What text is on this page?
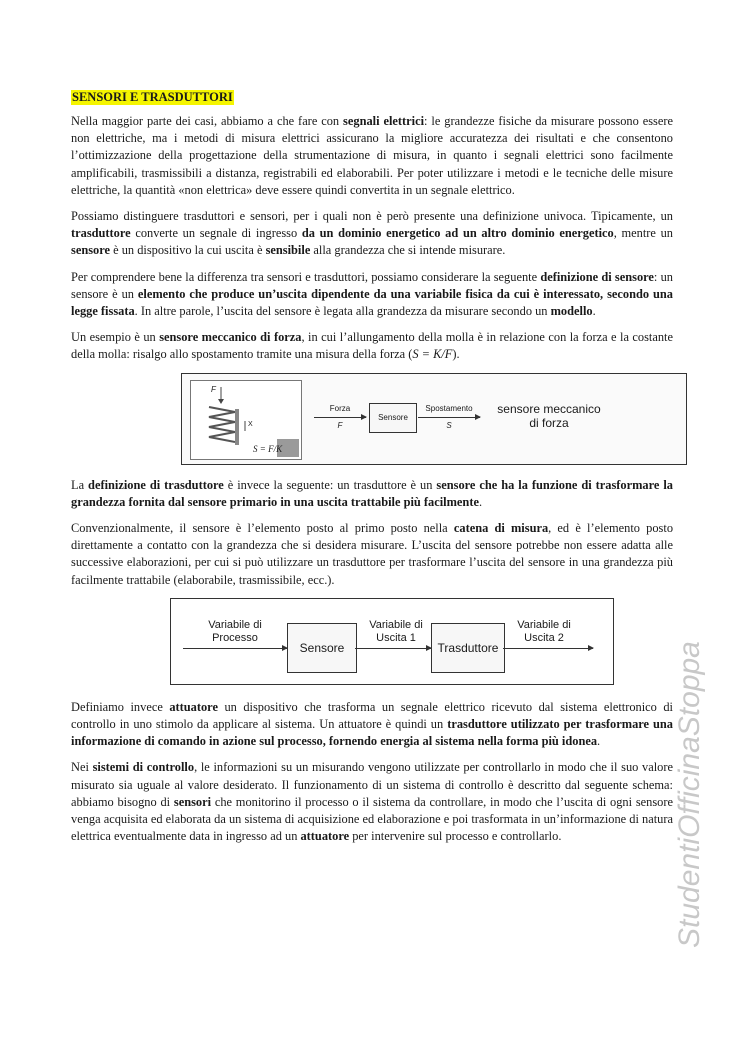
SENSORI E TRASDUTTORI

Nella maggior parte dei casi, abbiamo a che fare con segnali elettrici: le grandezze fisiche da misurare possono essere non elettriche, ma i metodi di misura elettrici assicurano la migliore accuratezza dei risultati e che consentono l’ottimizzazione della progettazione della strumentazione di misura, in quanto i segnali elettrici sono facilmente amplificabili, trasmissibili a distanza, registrabili ed elaborabili. Per poter utilizzare i metodi e le tecniche delle misure elettriche, la quantità «non elettrica» deve essere quindi convertita in un segnale elettrico.

Possiamo distinguere trasduttori e sensori, per i quali non è però presente una definizione univoca. Tipicamente, un trasduttore converte un segnale di ingresso da un dominio energetico ad un altro dominio energetico, mentre un sensore è un dispositivo la cui uscita è sensibile alla grandezza che si intende misurare.

Per comprendere bene la differenza tra sensori e trasduttori, possiamo considerare la seguente definizione di sensore: un sensore è un elemento che produce un’uscita dipendente da una variabile fisica da cui è interessato, secondo una legge fissata. In altre parole, l’uscita del sensore è legata alla grandezza da misurare secondo un modello.

Un esempio è un sensore meccanico di forza, in cui l’allungamento della molla è in relazione con la forza e la costante della molla: risalgo allo spostamento tramite una misura della forza (S = K/F).

F
X
S = F/K
Forza
F
Sensore
Spostamento
S
sensore meccanico di forza

La definizione di trasduttore è invece la seguente: un trasduttore è un sensore che ha la funzione di trasformare la grandezza fornita dal sensore primario in una uscita trattabile più facilmente.

Convenzionalmente, il sensore è l’elemento posto al primo posto nella catena di misura, ed è l’elemento posto direttamente a contatto con la grandezza che si desidera misurare. L’uscita del sensore potrebbe non essere adatta alle successive elaborazioni, per cui si può utilizzare un trasduttore per trasformare l’uscita del sensore in una grandezza più facilmente trattabile (elaborabile, trasmissibile, ecc.).

Variabile di Processo
Sensore
Variabile di Uscita 1
Trasduttore
Variabile di Uscita 2

Definiamo invece attuatore un dispositivo che trasforma un segnale elettrico ricevuto dal sistema elettronico di controllo in uno stimolo da applicare al sistema. Un attuatore è quindi un trasduttore utilizzato per trasformare una informazione di comando in azione sul processo, fornendo energia al sistema nella forma più idonea.

Nei sistemi di controllo, le informazioni su un misurando vengono utilizzate per controllarlo in modo che il suo valore misurato sia uguale al valore desiderato. Il funzionamento di un sistema di controllo è descritto dal seguente schema: abbiamo bisogno di sensori che monitorino il processo o il sistema da controllare, in modo che l’uscita di ogni sensore venga acquisita ed elaborata da un sistema di acquisizione ed elaborazione e poi trasformata in un’informazione di natura elettrica eventualmente data in ingresso ad un attuatore per intervenire sul processo e controllarlo.	StudentiOfficinaStoppa
